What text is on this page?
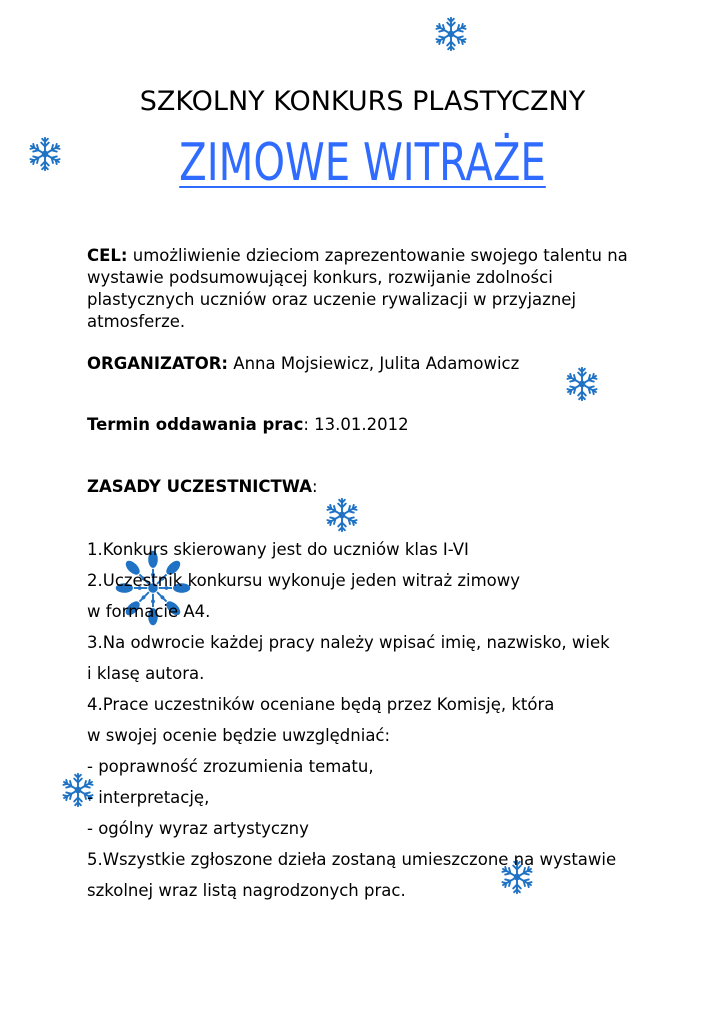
SZKOLNY KONKURS PLASTYCZNY
ZIMOWE WITRAŻE
CEL: umożliwienie dzieciom zaprezentowanie swojego talentu na wystawie podsumowującej konkurs, rozwijanie zdolności plastycznych uczniów oraz uczenie rywalizacji w przyjaznej atmosferze.
ORGANIZATOR: Anna Mojsiewicz, Julita Adamowicz
Termin oddawania prac: 13.01.2012
ZASADY UCZESTNICTWA:
1.Konkurs skierowany jest do uczniów klas I-VI
2.Uczestnik konkursu wykonuje jeden witraż zimowy
w formacie A4.
3.Na odwrocie każdej pracy należy wpisać imię, nazwisko, wiek
i klasę autora.
4.Prace uczestników oceniane będą przez Komisję, która
w swojej ocenie będzie uwzględniać:
- poprawność zrozumienia tematu,
- interpretację,
- ogólny wyraz artystyczny
5.Wszystkie zgłoszone dzieła zostaną umieszczone na wystawie
szkolnej wraz listą nagrodzonych prac.
